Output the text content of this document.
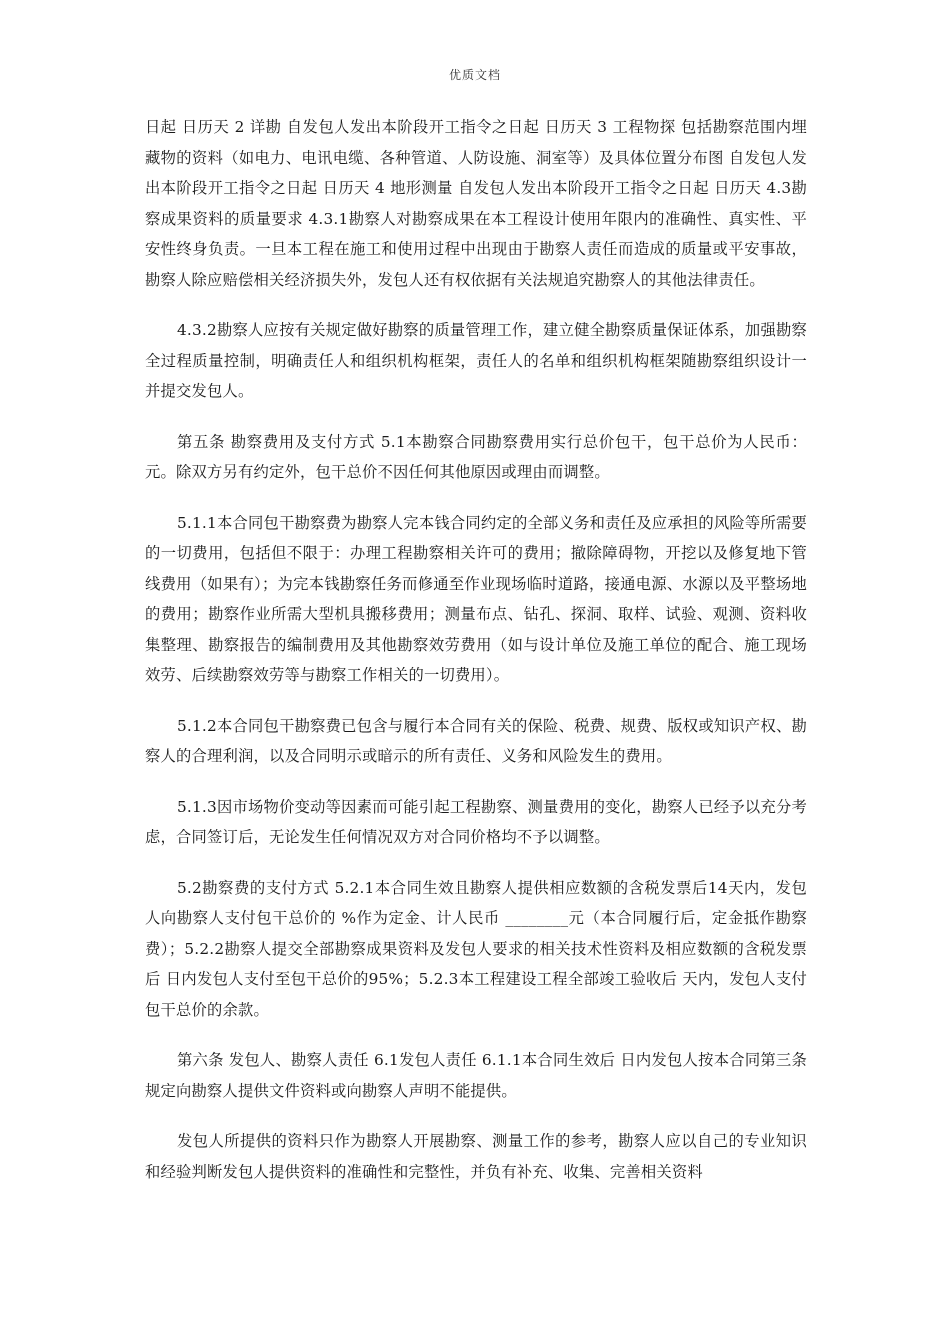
优质文档

日起 日历天 2 详勘 自发包人发出本阶段开工指令之日起 日历天 3 工程物探 包括勘察范围内埋藏物的资料（如电力、电讯电缆、各种管道、人防设施、洞室等）及具体位置分布图 自发包人发出本阶段开工指令之日起 日历天 4 地形测量 自发包人发出本阶段开工指令之日起 日历天 4.3勘察成果资料的质量要求 4.3.1勘察人对勘察成果在本工程设计使用年限内的准确性、真实性、平安性终身负责。一旦本工程在施工和使用过程中出现由于勘察人责任而造成的质量或平安事故，勘察人除应赔偿相关经济损失外，发包人还有权依据有关法规追究勘察人的其他法律责任。

4.3.2勘察人应按有关规定做好勘察的质量管理工作，建立健全勘察质量保证体系，加强勘察全过程质量控制，明确责任人和组织机构框架，责任人的名单和组织机构框架随勘察组织设计一并提交发包人。

第五条 勘察费用及支付方式 5.1本勘察合同勘察费用实行总价包干，包干总价为人民币：元。除双方另有约定外，包干总价不因任何其他原因或理由而调整。

5.1.1本合同包干勘察费为勘察人完本钱合同约定的全部义务和责任及应承担的风险等所需要的一切费用，包括但不限于：办理工程勘察相关许可的费用；撤除障碍物，开挖以及修复地下管线费用（如果有）；为完本钱勘察任务而修通至作业现场临时道路，接通电源、水源以及平整场地的费用；勘察作业所需大型机具搬移费用；测量布点、钻孔、探洞、取样、试验、观测、资料收集整理、勘察报告的编制费用及其他勘察效劳费用（如与设计单位及施工单位的配合、施工现场效劳、后续勘察效劳等与勘察工作相关的一切费用）。

5.1.2本合同包干勘察费已包含与履行本合同有关的保险、税费、规费、版权或知识产权、勘察人的合理利润，以及合同明示或暗示的所有责任、义务和风险发生的费用。

5.1.3因市场物价变动等因素而可能引起工程勘察、测量费用的变化，勘察人已经予以充分考虑，合同签订后，无论发生任何情况双方对合同价格均不予以调整。

5.2勘察费的支付方式 5.2.1本合同生效且勘察人提供相应数额的含税发票后14天内，发包人向勘察人支付包干总价的 %作为定金、计人民币 ________元（本合同履行后，定金抵作勘察费）；5.2.2勘察人提交全部勘察成果资料及发包人要求的相关技术性资料及相应数额的含税发票后 日内发包人支付至包干总价的95%；5.2.3本工程建设工程全部竣工验收后 天内，发包人支付包干总价的余款。

第六条 发包人、勘察人责任 6.1发包人责任 6.1.1本合同生效后 日内发包人按本合同第三条规定向勘察人提供文件资料或向勘察人声明不能提供。

发包人所提供的资料只作为勘察人开展勘察、测量工作的参考，勘察人应以自己的专业知识和经验判断发包人提供资料的准确性和完整性，并负有补充、收集、完善相关资料
